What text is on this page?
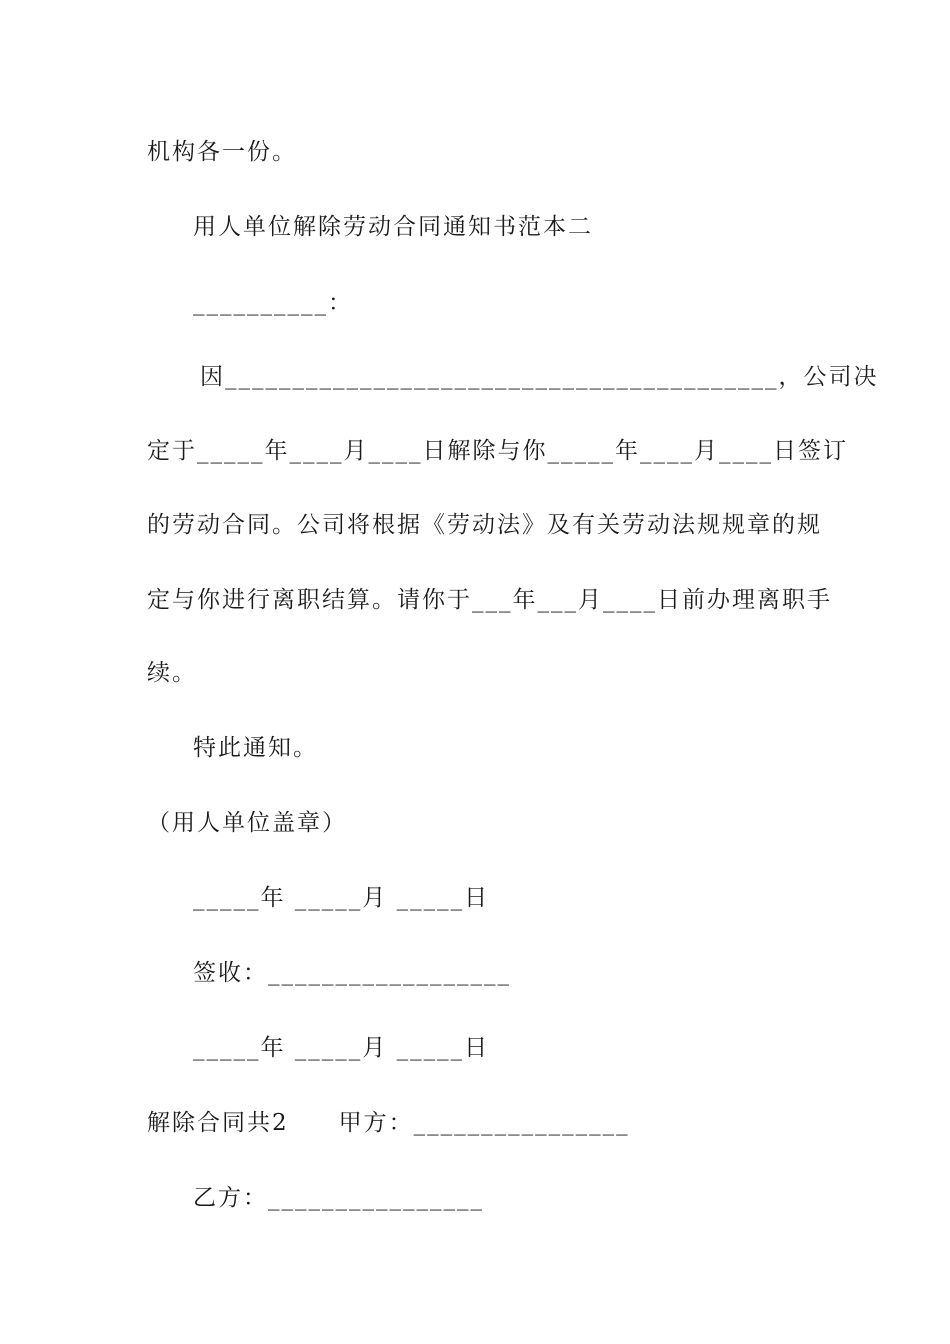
机构各一份。
用人单位解除劳动合同通知书范本二
__________：
因_________________________________________，公司决
定于_____年____月____日解除与你_____年____月____日签订
的劳动合同。公司将根据《劳动法》及有关劳动法规规章的规
定与你进行离职结算。请你于___年___月____日前办理离职手
续。
特此通知。
（用人单位盖章）
_____年 _____月 _____日
签收：__________________
_____年 _____月 _____日
解除合同共2　　甲方：________________
乙方：________________
